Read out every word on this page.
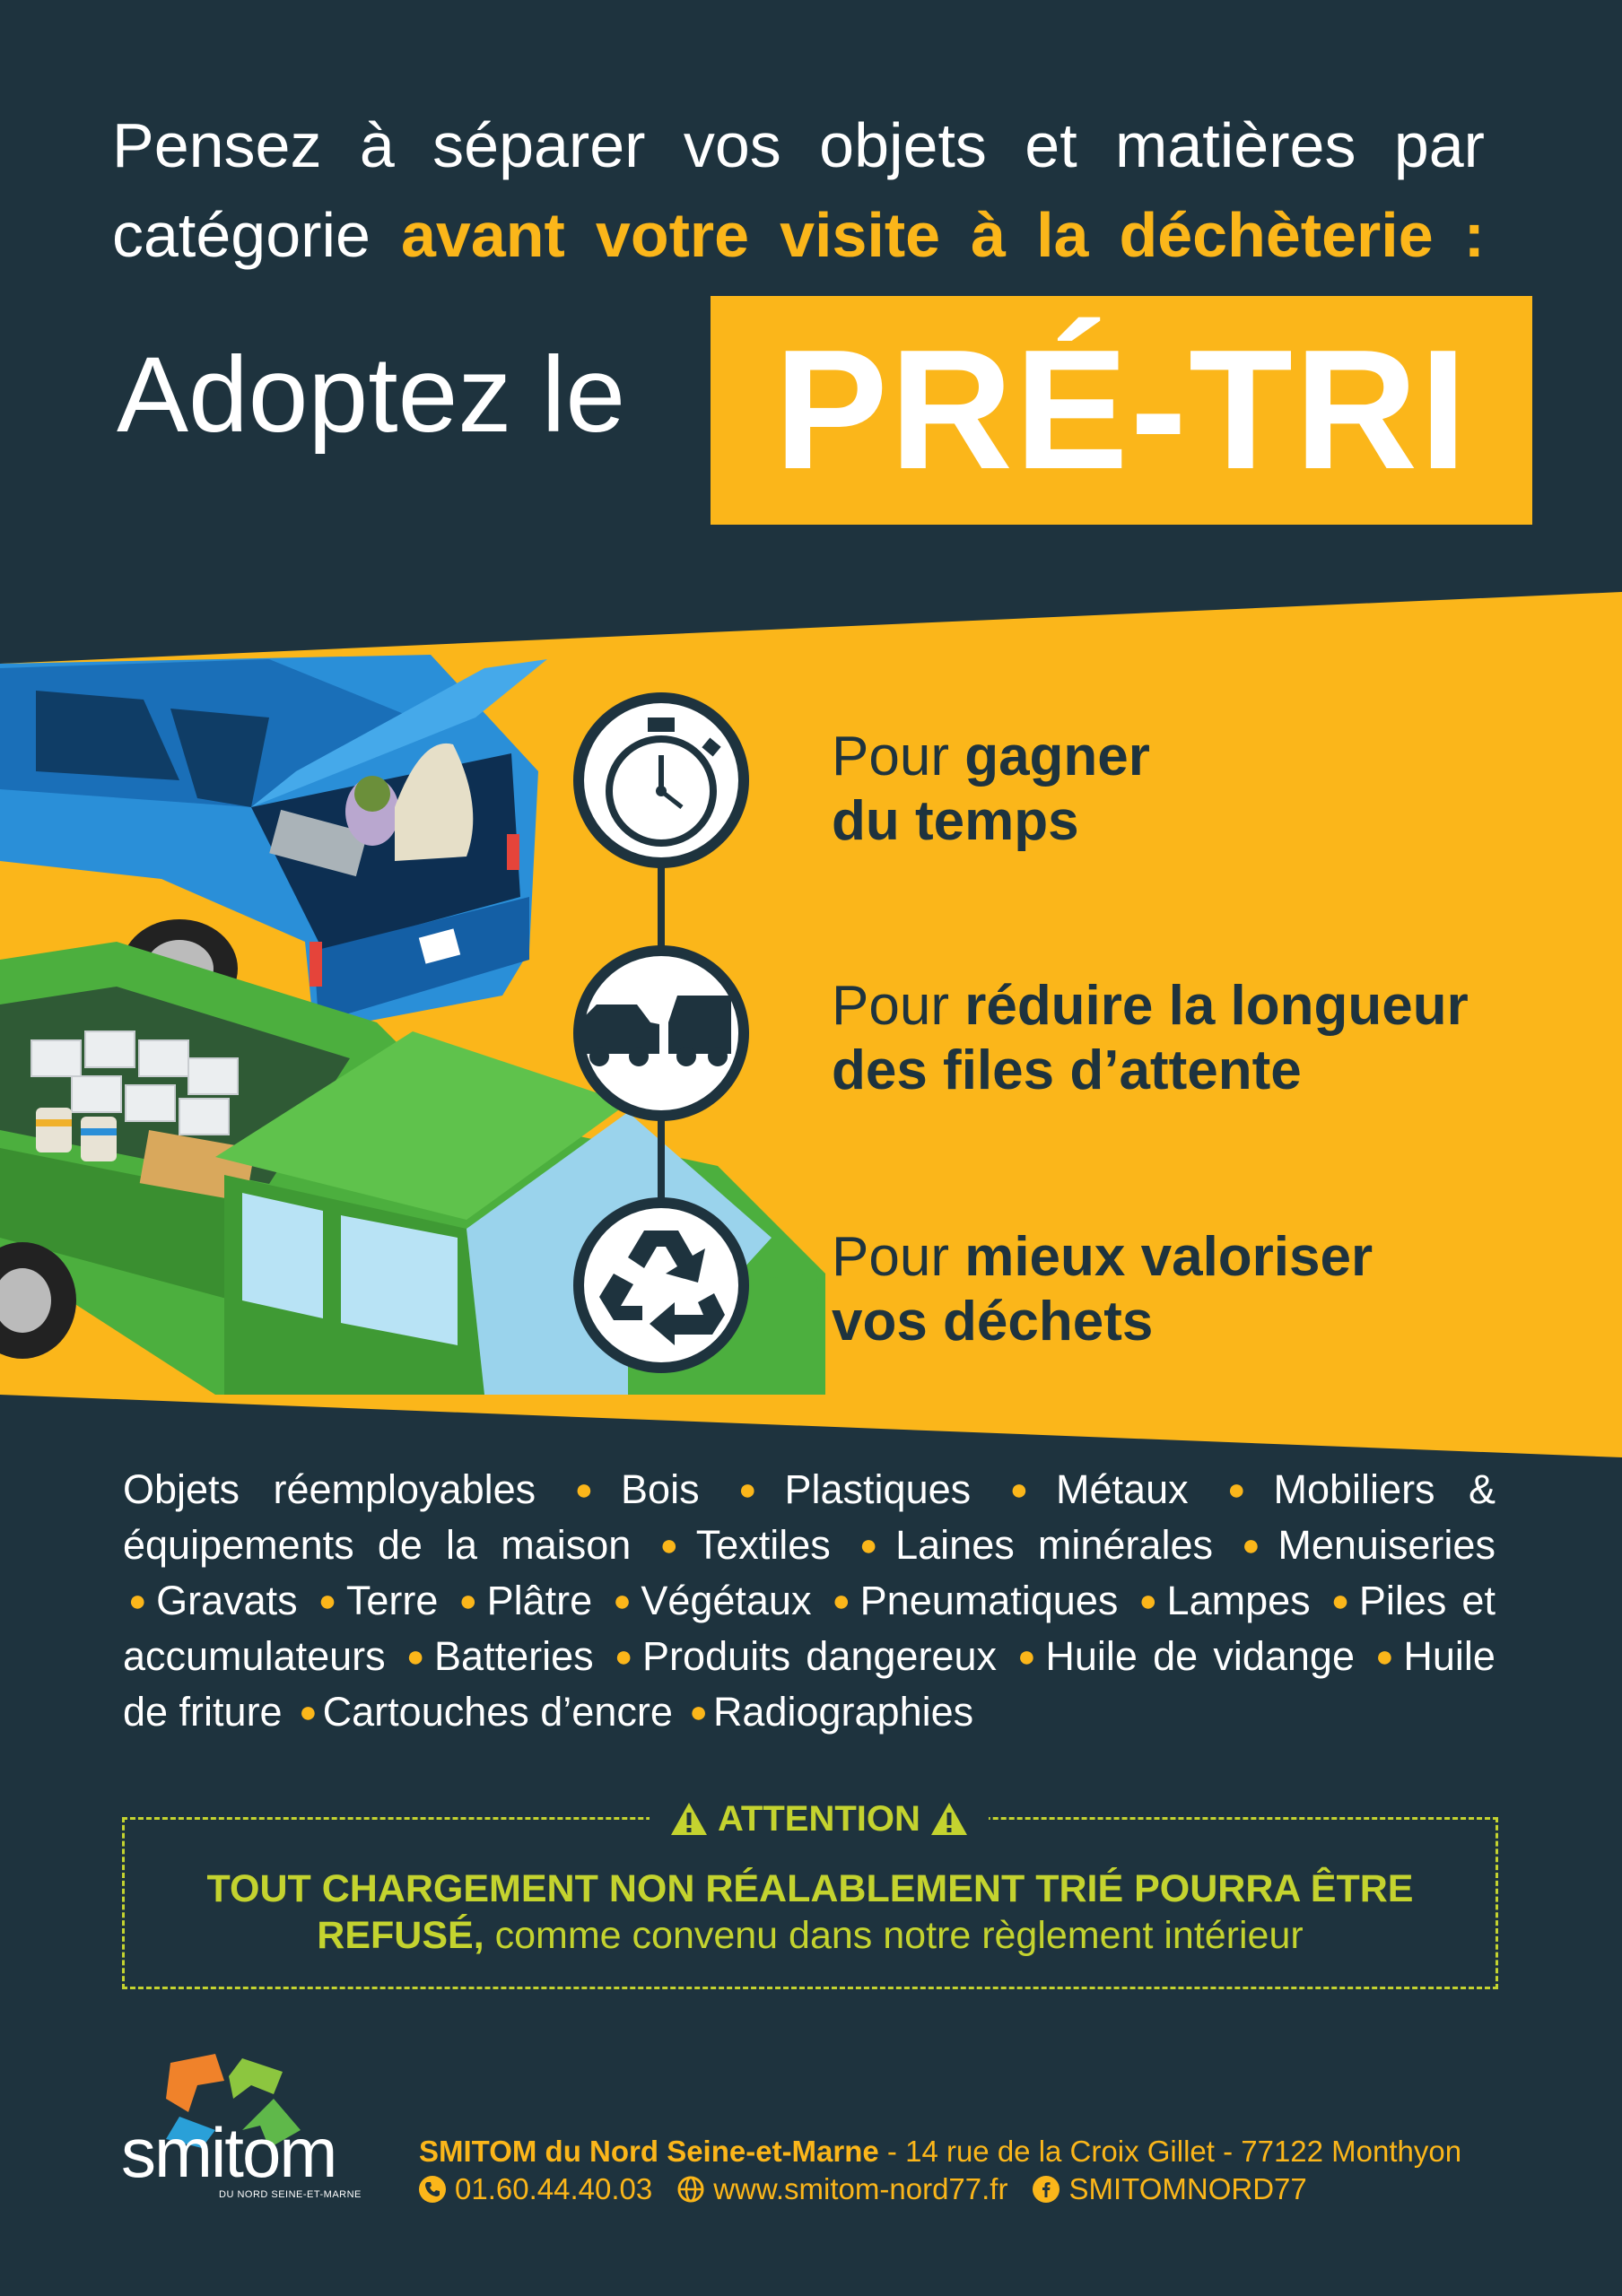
Pensez à séparer vos objets et matières par catégorie avant votre visite à la déchèterie :
Adoptez le PRÉ-TRI
Pour gagner
du temps
Pour réduire la longueur
des files d’attente
Pour mieux valoriser
vos déchets
Objets réemployables ● Bois ● Plastiques ● Métaux ● Mobiliers & équipements de la maison ● Textiles ● Laines minérales ● Menuiseries ● Gravats ● Terre ● Plâtre ● Végétaux ● Pneumatiques ● Lampes ● Piles et accumulateurs ● Batteries ● Produits dangereux ● Huile de vidange ● Huile de friture ● Cartouches d’encre ● Radiographies
ATTENTION
TOUT CHARGEMENT NON RÉALABLEMENT TRIÉ POURRA ÊTRE REFUSÉ, comme convenu dans notre règlement intérieur
smitom
DU NORD SEINE-ET-MARNE
SMITOM du Nord Seine-et-Marne - 14 rue de la Croix Gillet - 77122 Monthyon
01.60.44.40.03 www.smitom-nord77.fr SMITOMNORD77
